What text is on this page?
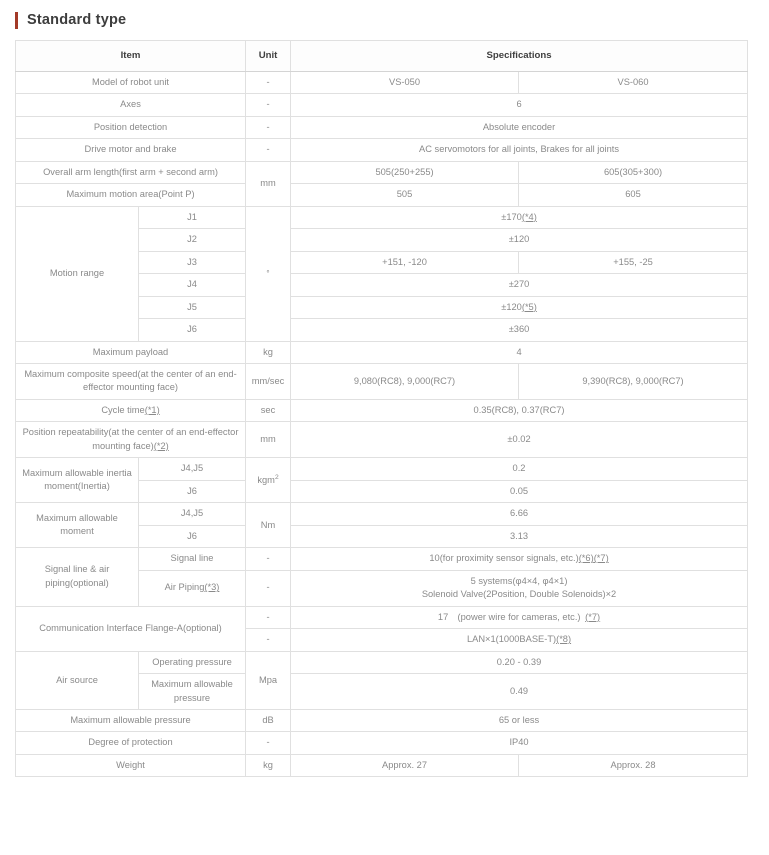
Standard type
Item		Unit	Specifications	
Model of robot unit		-	VS-050	VS-060
Axes		-	6	
Position detection		-	Absolute encoder	
Drive motor and brake		-	AC servomotors for all joints, Brakes for all joints	
Overall arm length(first arm + second arm)		mm	505(250+255)	605(305+300)
Maximum motion area(Point P)			505	605
Motion range	J1	°	±170(*4)	
	J2		±120	
	J3		+151, -120	+155, -25
	J4		±270	
	J5		±120(*5)	
	J6		±360	
Maximum payload		kg	4	
Maximum composite speed(at the center of an end-effector mounting face)		mm/sec	9,080(RC8), 9,000(RC7)	9,390(RC8), 9,000(RC7)
Cycle time(*1)		sec	0.35(RC8), 0.37(RC7)	
Position repeatability(at the center of an end-effector mounting face)(*2)		mm	±0.02	
Maximum allowable inertia moment(Inertia)	J4,J5	kgm$^2$	0.2	
	J6		0.05	
Maximum allowable moment	J4,J5	Nm	6.66	
	J6		3.13	
Signal line & air piping(optional)	Signal line	-	10(for proximity sensor signals, etc.)(*6)(*7)	
	Air Piping(*3)	-	5 systems(φ4×4, φ4×1)
Solenoid Valve(2Position, Double Solenoids)×2	
Communication Interface Flange-A(optional)		-	17 (power wire for cameras, etc.) (*7)	
		-	LAN×1(1000BASE-T)(*8)	
Air source	Operating pressure	Mpa	0.20 - 0.39	
	Maximum allowable pressure		0.49	
Maximum allowable pressure		dB	65 or less	
Degree of protection		-	IP40	
Weight		kg	Approx. 27	Approx. 28
